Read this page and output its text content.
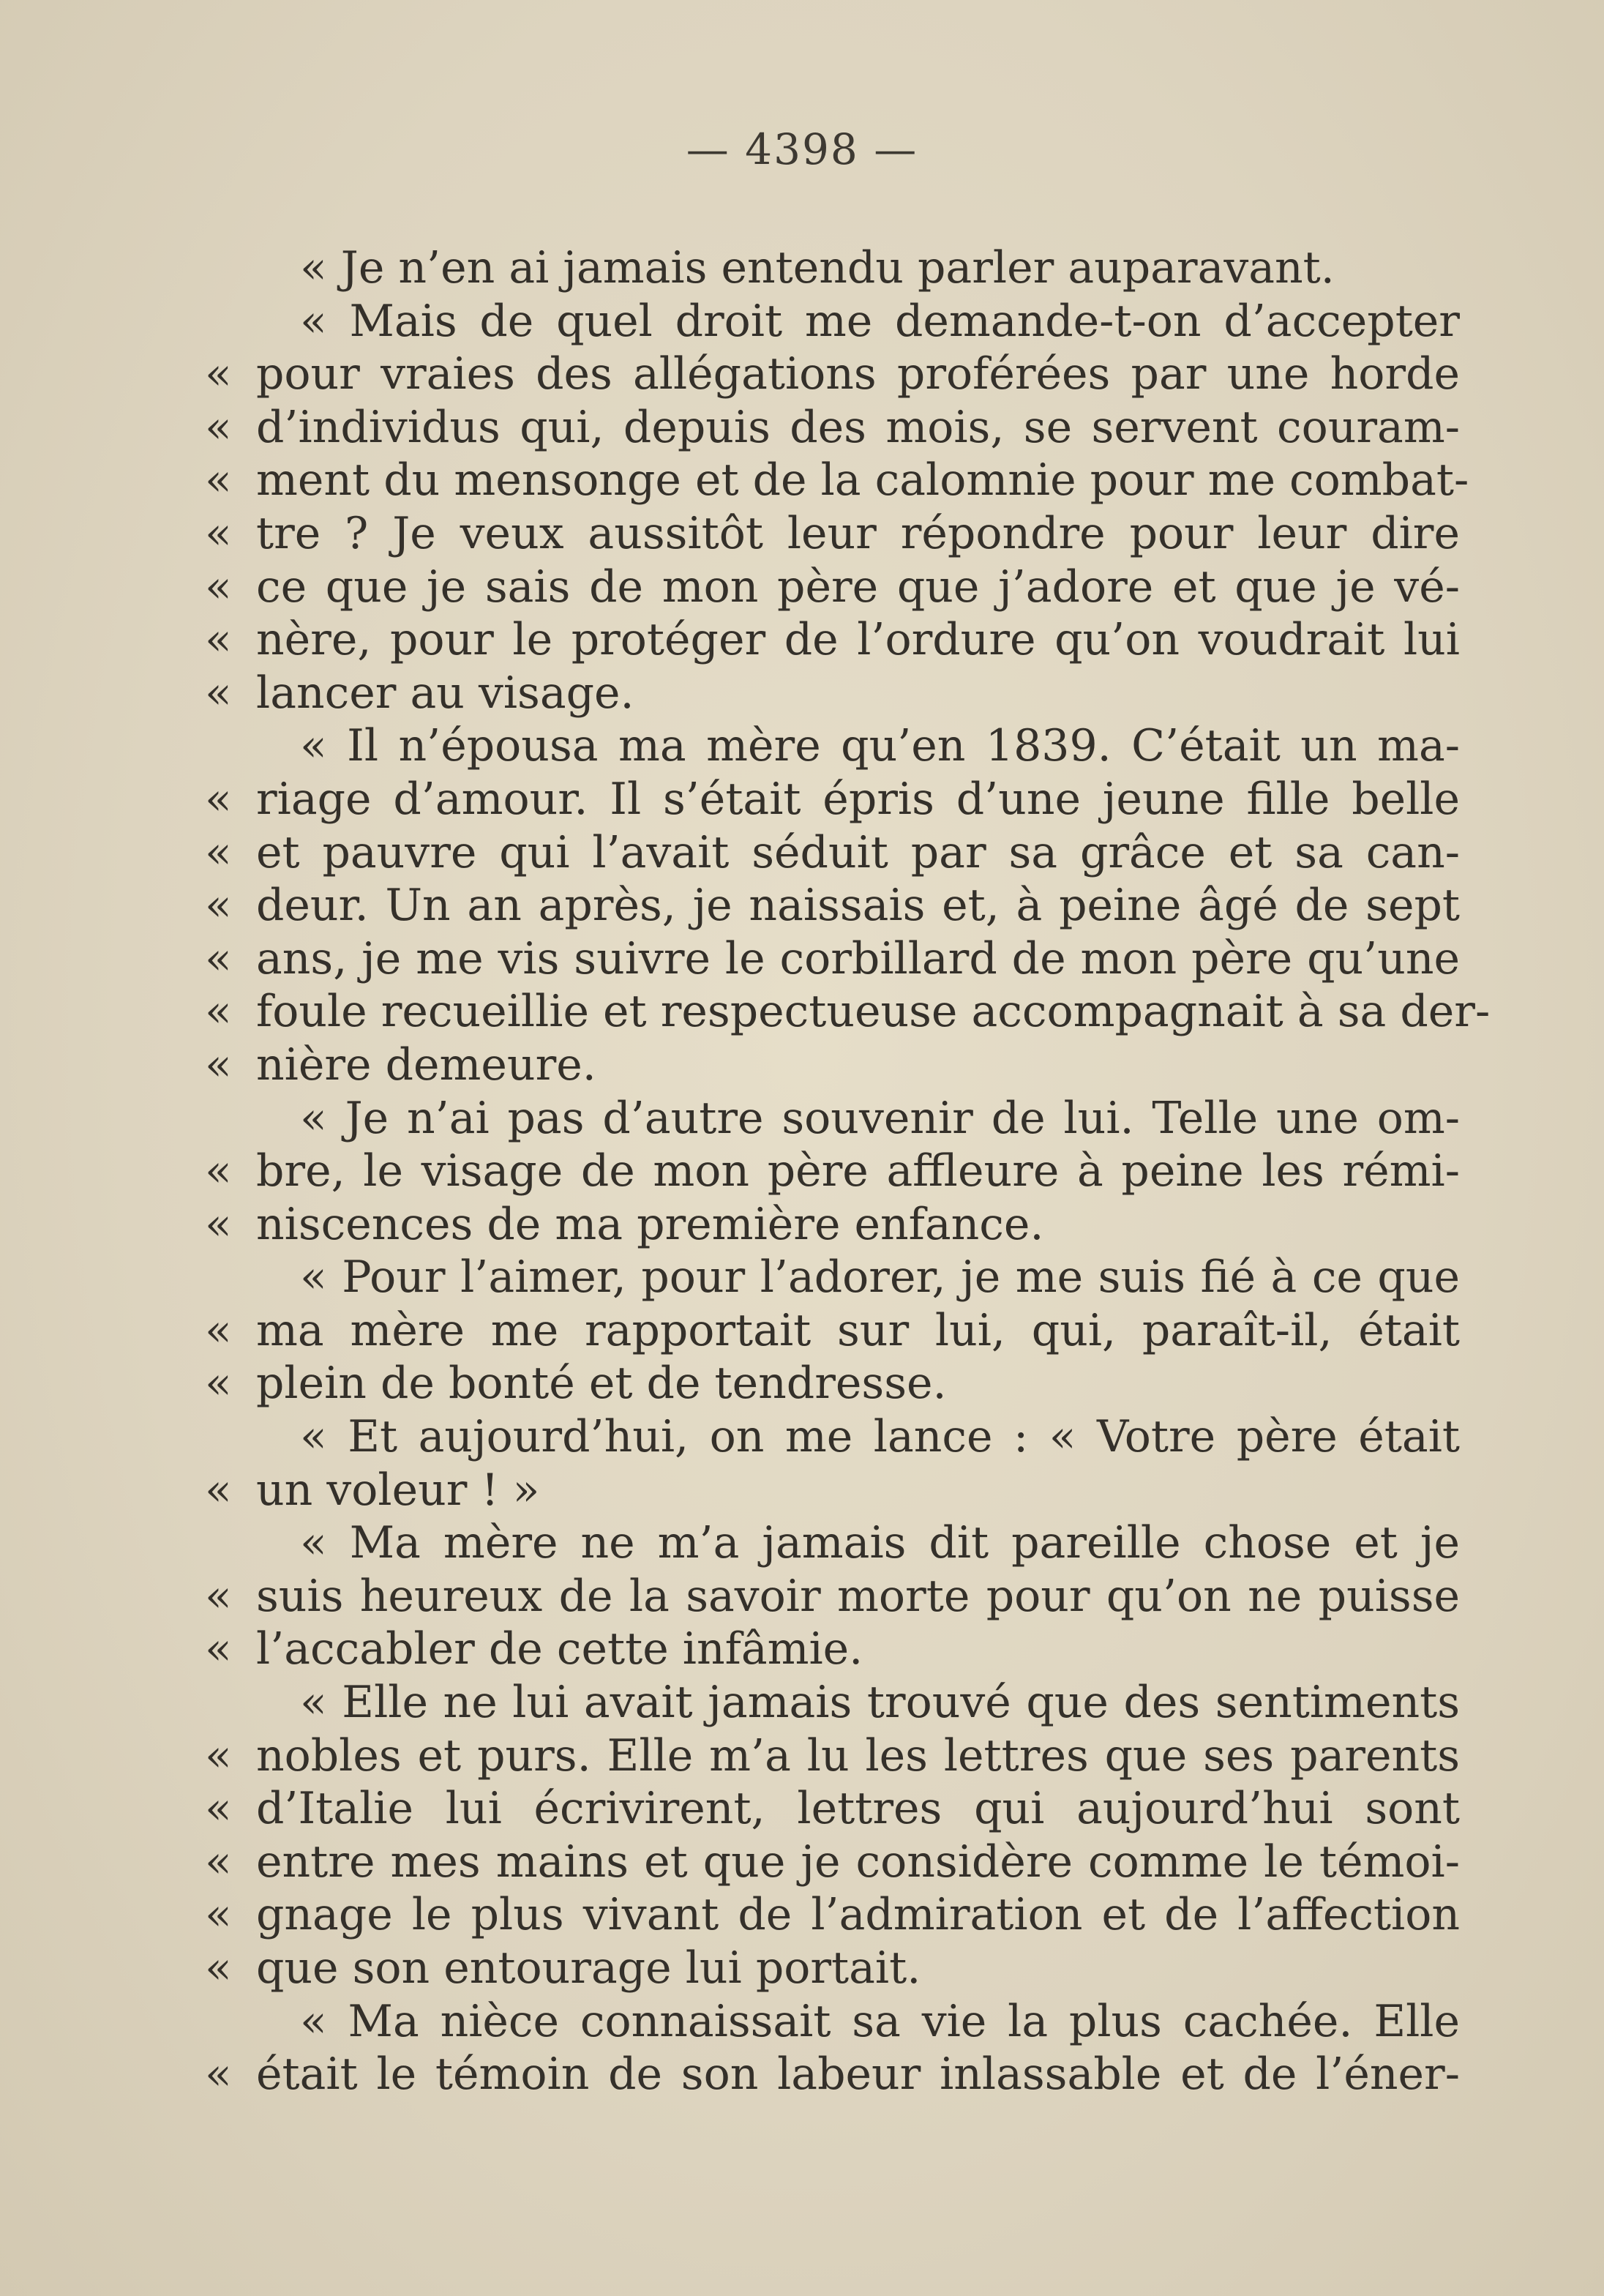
— 4398 —
« Je n’en ai jamais entendu parler auparavant.
« Mais de quel droit me demande-t-on d’accepter
« pour vraies des allégations proférées par une horde
« d’individus qui, depuis des mois, se servent couram-
« ment du mensonge et de la calomnie pour me combat-
« tre ? Je veux aussitôt leur répondre pour leur dire
« ce que je sais de mon père que j’adore et que je vé-
« nère, pour le protéger de l’ordure qu’on voudrait lui
« lancer au visage.
« Il n’épousa ma mère qu’en 1839. C’était un ma-
« riage d’amour. Il s’était épris d’une jeune fille belle
« et pauvre qui l’avait séduit par sa grâce et sa can-
« deur. Un an après, je naissais et, à peine âgé de sept
« ans, je me vis suivre le corbillard de mon père qu’une
« foule recueillie et respectueuse accompagnait à sa der-
« nière demeure.
« Je n’ai pas d’autre souvenir de lui. Telle une om-
« bre, le visage de mon père affleure à peine les rémi-
« niscences de ma première enfance.
« Pour l’aimer, pour l’adorer, je me suis fié à ce que
« ma mère me rapportait sur lui, qui, paraît-il, était
« plein de bonté et de tendresse.
« Et aujourd’hui, on me lance : « Votre père était
« un voleur ! »
« Ma mère ne m’a jamais dit pareille chose et je
« suis heureux de la savoir morte pour qu’on ne puisse
« l’accabler de cette infâmie.
« Elle ne lui avait jamais trouvé que des sentiments
« nobles et purs. Elle m’a lu les lettres que ses parents
« d’Italie lui écrivirent, lettres qui aujourd’hui sont
« entre mes mains et que je considère comme le témoi-
« gnage le plus vivant de l’admiration et de l’affection
« que son entourage lui portait.
« Ma nièce connaissait sa vie la plus cachée. Elle
« était le témoin de son labeur inlassable et de l’éner-
